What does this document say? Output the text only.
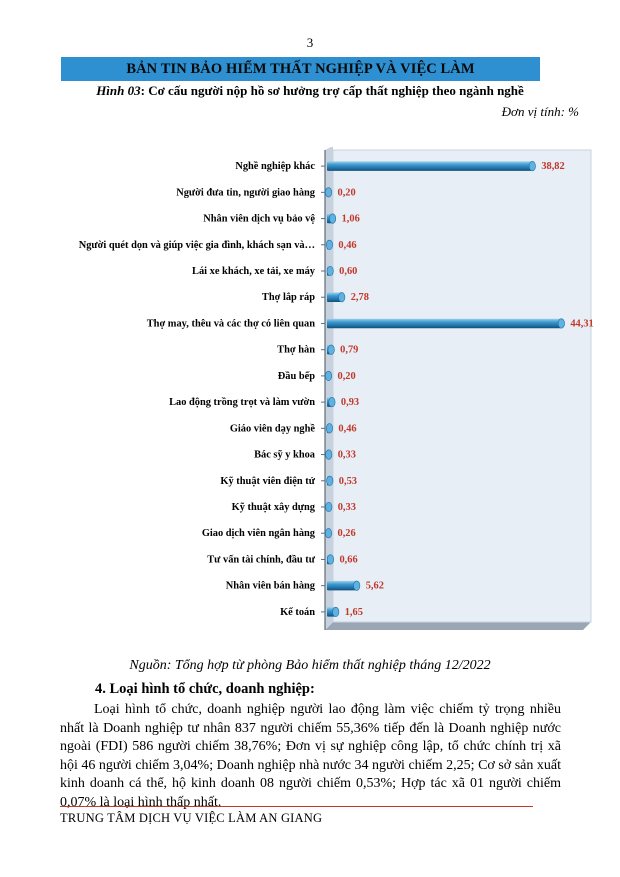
3
BẢN TIN BẢO HIỂM THẤT NGHIỆP VÀ VIỆC LÀM
Hình 03: Cơ cấu người nộp hồ sơ hưởng trợ cấp thất nghiệp theo ngành nghề
Đơn vị tính: %
Nghề nghiệp khác	38,82
Người đưa tin, người giao hàng 0,20
Nhân viên dịch vụ bảo vệ	1,06
Người quét dọn và giúp việc gia đình, khách sạn và… 0,46
Lái xe khách, xe tải, xe máy 0,60
Thợ lắp ráp	2,78
Thợ may, thêu và các thợ có liên quan	44,31
Thợ hàn 0,79
Đầu bếp 0,20
Lao động trồng trọt và làm vườn 0,93
Giáo viên dạy nghề 0,46
Bác sỹ y khoa 0,33
Kỹ thuật viên điện tử 0,53
Kỹ thuật xây dựng 0,33
Giao dịch viên ngân hàng 0,26
Tư vấn tài chính, đầu tư 0,66
Nhân viên bán hàng	5,62
Kế toán	1,65
Nguồn: Tổng hợp từ phòng Bảo hiểm thất nghiệp tháng 12/2022
4. Loại hình tổ chức, doanh nghiệp:
Loại hình tổ chức, doanh nghiệp người lao động làm việc chiếm tỷ trọng nhiều nhất là Doanh nghiệp tư nhân 837 người chiếm 55,36% tiếp đến là Doanh nghiệp nước ngoài (FDI) 586 người chiếm 38,76%; Đơn vị sự nghiệp công lập, tổ chức chính trị xã hội 46 người chiếm 3,04%; Doanh nghiệp nhà nước 34 người chiếm 2,25; Cơ sở sản xuất kinh doanh cá thể, hộ kinh doanh 08 người chiếm 0,53%; Hợp tác xã 01 người chiếm 0,07% là loại hình thấp nhất.
TRUNG TÂM DỊCH VỤ VIỆC LÀM AN GIANG
